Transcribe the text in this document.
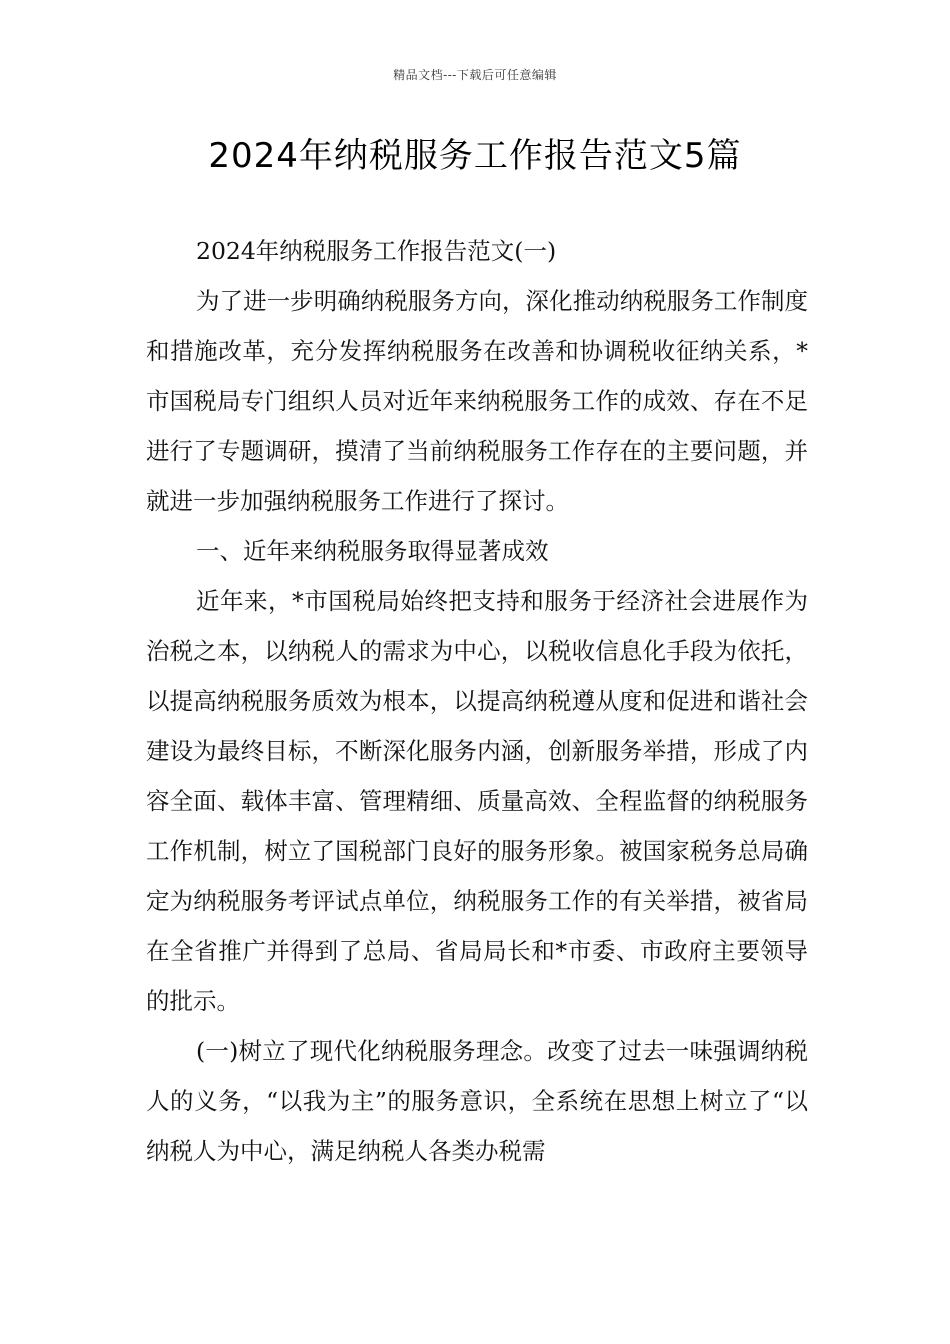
精品文档---下载后可任意编辑
2024年纳税服务工作报告范文5篇

2024年纳税服务工作报告范文(一)

为了进一步明确纳税服务方向，深化推动纳税服务工作制度和措施改革，充分发挥纳税服务在改善和协调税收征纳关系，*市国税局专门组织人员对近年来纳税服务工作的成效、存在不足进行了专题调研，摸清了当前纳税服务工作存在的主要问题，并就进一步加强纳税服务工作进行了探讨。

一、近年来纳税服务取得显著成效

近年来，*市国税局始终把支持和服务于经济社会进展作为治税之本，以纳税人的需求为中心，以税收信息化手段为依托，以提高纳税服务质效为根本，以提高纳税遵从度和促进和谐社会建设为最终目标，不断深化服务内涵，创新服务举措，形成了内容全面、载体丰富、管理精细、质量高效、全程监督的纳税服务工作机制，树立了国税部门良好的服务形象。被国家税务总局确定为纳税服务考评试点单位，纳税服务工作的有关举措，被省局在全省推广并得到了总局、省局局长和*市委、市政府主要领导的批示。

(一)树立了现代化纳税服务理念。改变了过去一味强调纳税人的义务，“以我为主”的服务意识，全系统在思想上树立了“以纳税人为中心，满足纳税人各类办税需
